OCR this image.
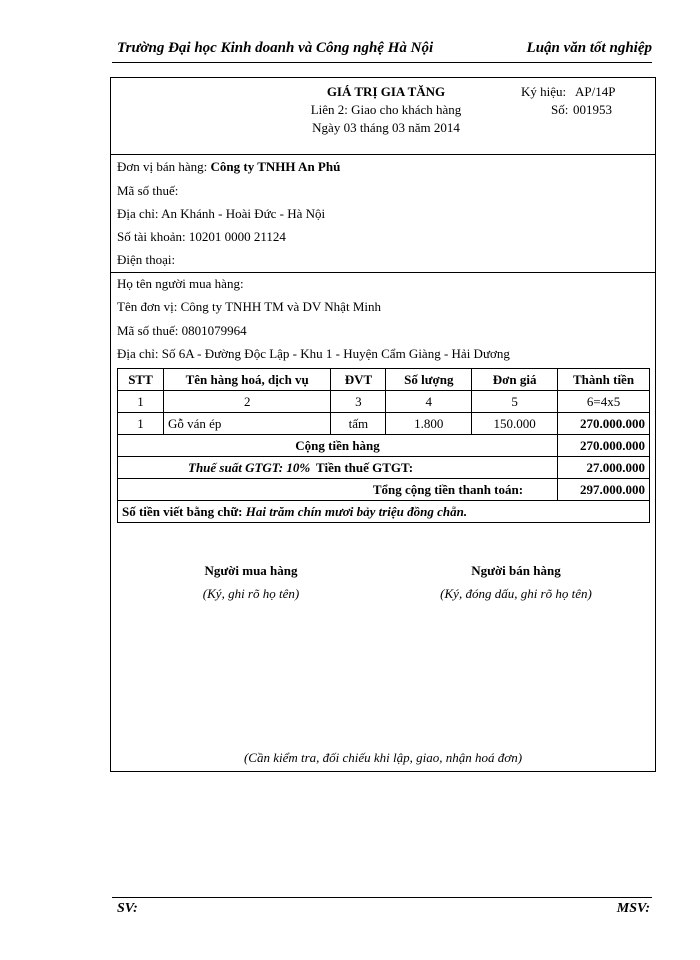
Trường Đại học Kinh doanh và Công nghệ Hà Nội	Luận văn tốt nghiệp
GIÁ TRỊ GIA TĂNG
Liên 2: Giao cho khách hàng
Ngày 03 tháng 03 năm 2014
Ký hiệu: AP/14P
Số: 001953
Đơn vị bán hàng: Công ty TNHH An Phú
Mã số thuế:
Địa chỉ: An Khánh - Hoài Đức - Hà Nội
Số tài khoản: 10201 0000 21124
Điện thoại:
Họ tên người mua hàng:
Tên đơn vị: Công ty TNHH TM và DV Nhật Minh
Mã số thuế: 0801079964
Địa chỉ: Số 6A - Đường Độc Lập - Khu 1 - Huyện Cẩm Giàng - Hải Dương
STT	Tên hàng hoá, dịch vụ	ĐVT	Số lượng	Đơn giá	Thành tiền
1	2	3	4	5	6=4x5
1	Gỗ ván ép	tấm	1.800	150.000	270.000.000
Cộng tiền hàng					270.000.000

Thuế suất GTGT: 10% Tiền thuế GTGT:					27.000.000
Tổng cộng tiền thanh toán:					297.000.000
Số tiền viết bằng chữ: Hai trăm chín mươi bảy triệu đồng chẵn.					
Người mua hàng
(Ký, ghi rõ họ tên)
Người bán hàng
(Ký, đóng dấu, ghi rõ họ tên)
(Cần kiểm tra, đối chiếu khi lập, giao, nhận hoá đơn)
SV:	MSV:
